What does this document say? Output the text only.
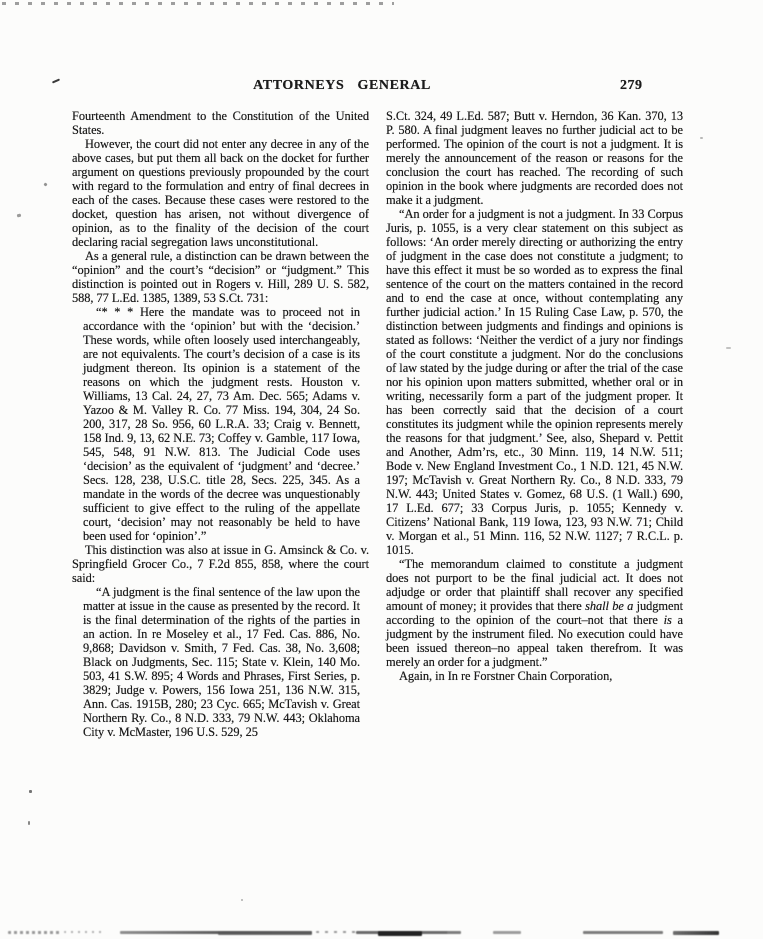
ATTORNEYS GENERAL	279

Fourteenth Amendment to the Constitution of the United States.

However, the court did not enter any decree in any of the above cases, but put them all back on the docket for further argument on questions previously propounded by the court with regard to the formulation and entry of final decrees in each of the cases. Because these cases were restored to the docket, question has arisen, not without divergence of opinion, as to the finality of the decision of the court declaring racial segregation laws unconstitutional.

As a general rule, a distinction can be drawn between the “opinion” and the court’s “decision” or “judgment.” This distinction is pointed out in Rogers v. Hill, 289 U. S. 582, 588, 77 L.Ed. 1385, 1389, 53 S.Ct. 731:

“* * * Here the mandate was to proceed not in accordance with the ‘opinion’ but with the ‘decision.’ These words, while often loosely used interchangeably, are not equivalents. The court’s decision of a case is its judgment thereon. Its opinion is a statement of the reasons on which the judgment rests. Houston v. Williams, 13 Cal. 24, 27, 73 Am. Dec. 565; Adams v. Yazoo & M. Valley R. Co. 77 Miss. 194, 304, 24 So. 200, 317, 28 So. 956, 60 L.R.A. 33; Craig v. Bennett, 158 Ind. 9, 13, 62 N.E. 73; Coffey v. Gamble, 117 Iowa, 545, 548, 91 N.W. 813. The Judicial Code uses ‘decision’ as the equivalent of ‘judgment’ and ‘decree.’ Secs. 128, 238, U.S.C. title 28, Secs. 225, 345. As a mandate in the words of the decree was unquestionably sufficient to give effect to the ruling of the appellate court, ‘decision’ may not reasonably be held to have been used for ‘opinion’.”

This distinction was also at issue in G. Amsinck & Co. v. Springfield Grocer Co., 7 F.2d 855, 858, where the court said:

“A judgment is the final sentence of the law upon the matter at issue in the cause as presented by the record. It is the final determination of the rights of the parties in an action. In re Moseley et al., 17 Fed. Cas. 886, No. 9,868; Davidson v. Smith, 7 Fed. Cas. 38, No. 3,608; Black on Judgments, Sec. 115; State v. Klein, 140 Mo. 503, 41 S.W. 895; 4 Words and Phrases, First Series, p. 3829; Judge v. Powers, 156 Iowa 251, 136 N.W. 315, Ann. Cas. 1915B, 280; 23 Cyc. 665; McTavish v. Great Northern Ry. Co., 8 N.D. 333, 79 N.W. 443; Oklahoma City v. McMaster, 196 U.S. 529, 25

S.Ct. 324, 49 L.Ed. 587; Butt v. Herndon, 36 Kan. 370, 13 P. 580. A final judgment leaves no further judicial act to be performed. The opinion of the court is not a judgment. It is merely the announcement of the reason or reasons for the conclusion the court has reached. The recording of such opinion in the book where judgments are recorded does not make it a judgment.

“An order for a judgment is not a judgment. In 33 Corpus Juris, p. 1055, is a very clear statement on this subject as follows: ‘An order merely directing or authorizing the entry of judgment in the case does not constitute a judgment; to have this effect it must be so worded as to express the final sentence of the court on the matters contained in the record and to end the case at once, without contemplating any further judicial action.’ In 15 Ruling Case Law, p. 570, the distinction between judgments and findings and opinions is stated as follows: ‘Neither the verdict of a jury nor findings of the court constitute a judgment. Nor do the conclusions of law stated by the judge during or after the trial of the case nor his opinion upon matters submitted, whether oral or in writing, necessarily form a part of the judgment proper. It has been correctly said that the decision of a court constitutes its judgment while the opinion represents merely the reasons for that judgment.’ See, also, Shepard v. Pettit and Another, Adm’rs, etc., 30 Minn. 119, 14 N.W. 511; Bode v. New England Investment Co., 1 N.D. 121, 45 N.W. 197; McTavish v. Great Northern Ry. Co., 8 N.D. 333, 79 N.W. 443; United States v. Gomez, 68 U.S. (1 Wall.) 690, 17 L.Ed. 677; 33 Corpus Juris, p. 1055; Kennedy v. Citizens’ National Bank, 119 Iowa, 123, 93 N.W. 71; Child v. Morgan et al., 51 Minn. 116, 52 N.W. 1127; 7 R.C.L. p. 1015.

“The memorandum claimed to constitute a judgment does not purport to be the final judicial act. It does not adjudge or order that plaintiff shall recover any specified amount of money; it provides that there shall be a judgment according to the opinion of the court–not that there is a judgment by the instrument filed. No execution could have been issued thereon–no appeal taken therefrom. It was merely an order for a judgment.”

Again, in In re Forstner Chain Corporation,
